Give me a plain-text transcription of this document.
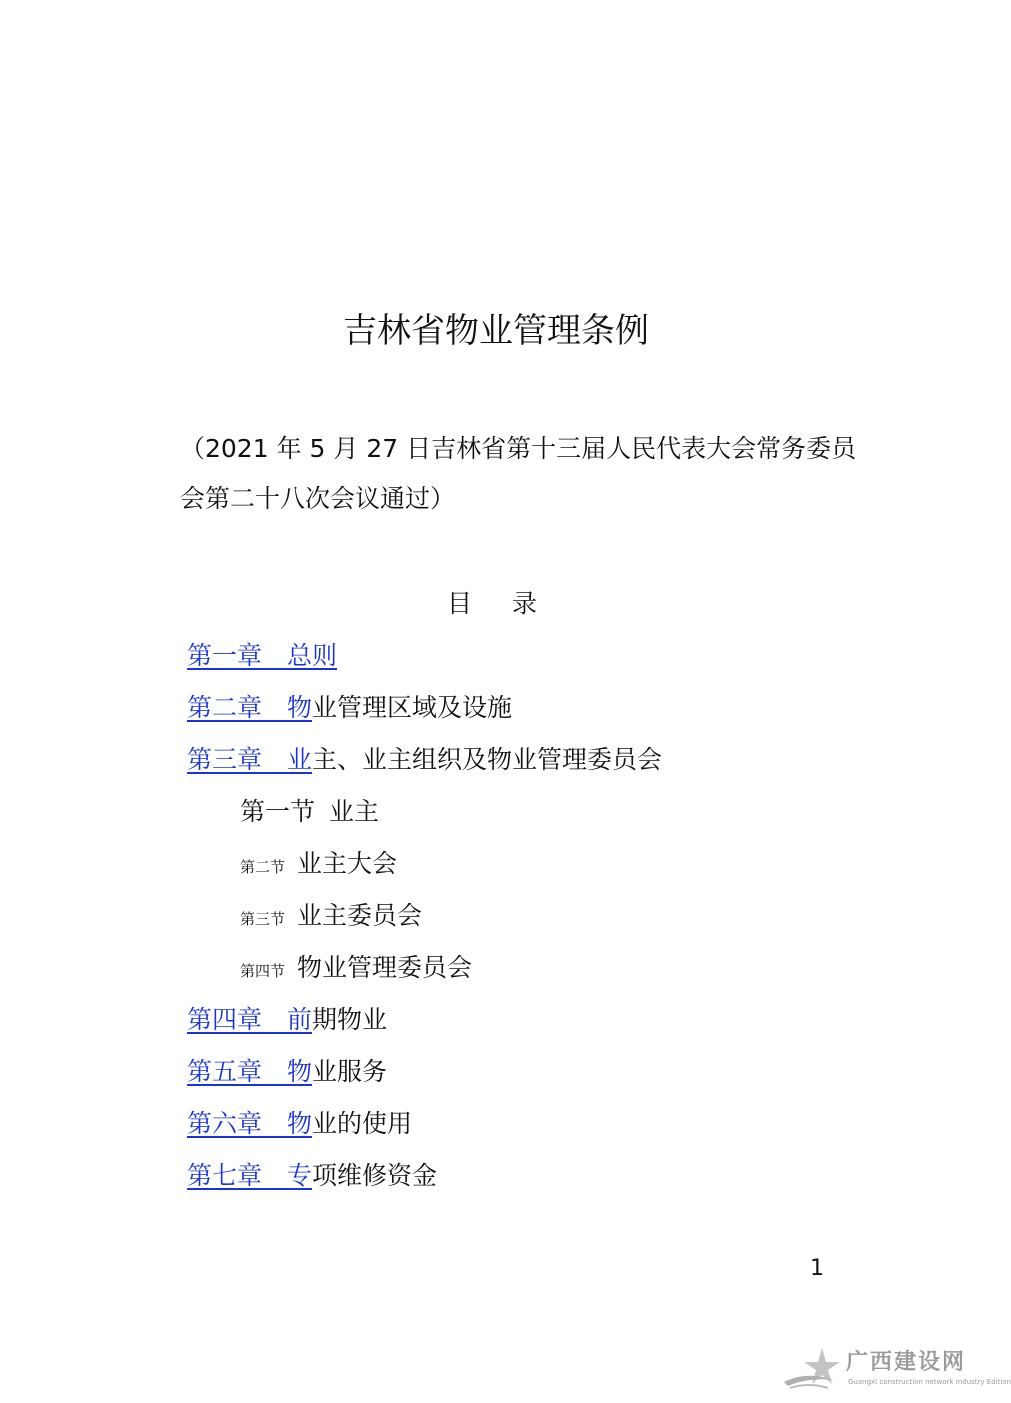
吉林省物业管理条例
（2021 年 5 月 27 日吉林省第十三届人民代表大会常务委员会第二十八次会议通过）
目 录
第一章　总则
第二章　物业管理区域及设施
第三章　业主、业主组织及物业管理委员会
第一节 业主
第二节 业主大会
第三节 业主委员会
第四节 物业管理委员会
第四章　前期物业
第五章　物业服务
第六章　物业的使用
第七章　专项维修资金
1
广西建设网
Guangxi construction network Industry Edition
